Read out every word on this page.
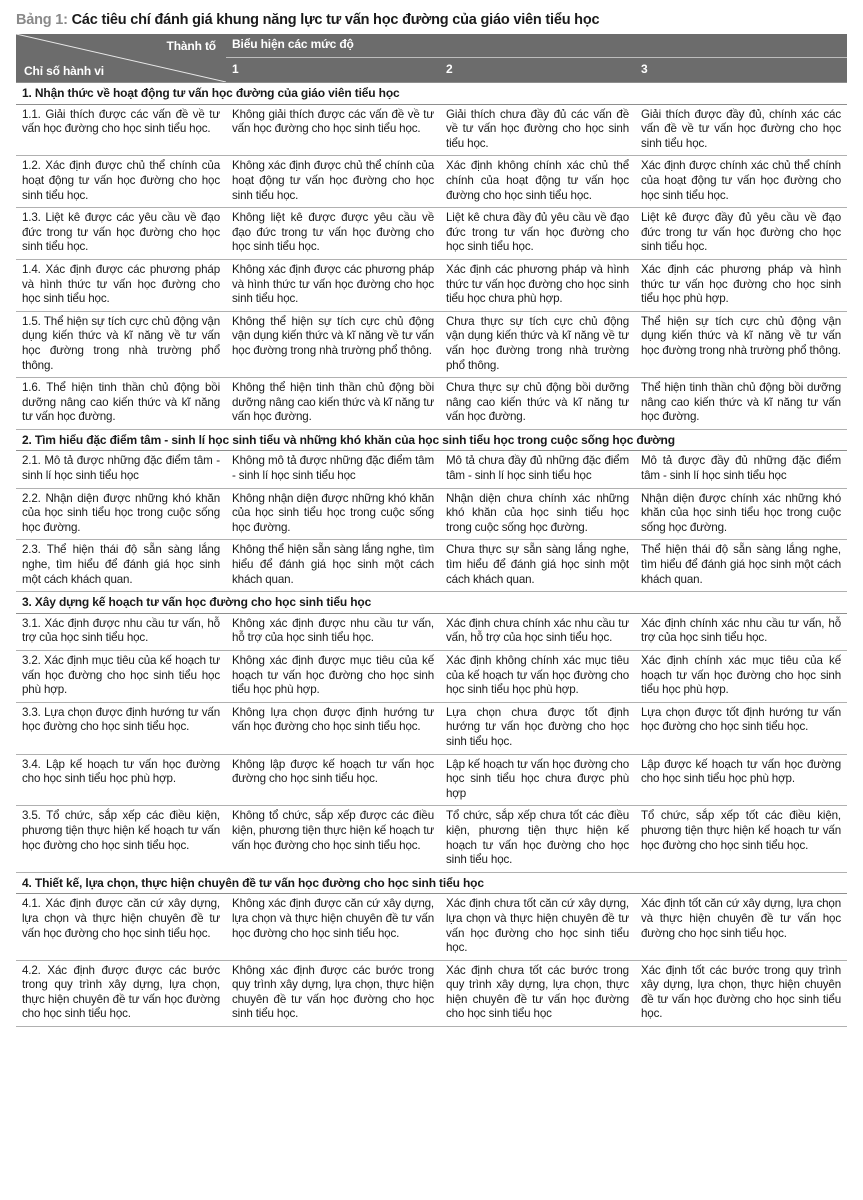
Bảng 1: Các tiêu chí đánh giá khung năng lực tư vấn học đường của giáo viên tiểu học
Thành tố
Chỉ số hành vi	Biểu hiện các mức độ		
	1	2	3
1. Nhận thức về hoạt động tư vấn học đường của giáo viên tiểu học			
1.1. Giải thích được các vấn đề về tư vấn học đường cho học sinh tiểu học.	Không giải thích được các vấn đề về tư vấn học đường cho học sinh tiểu học.	Giải thích chưa đầy đủ các vấn đề về tư vấn học đường cho học sinh tiểu học.	Giải thích được đầy đủ, chính xác các vấn đề về tư vấn học đường cho học sinh tiểu học.
1.2. Xác định được chủ thể chính của hoạt động tư vấn học đường cho học sinh tiểu học.	Không xác định được chủ thể chính của hoạt động tư vấn học đường cho học sinh tiểu học.	Xác định không chính xác chủ thể chính của hoạt động tư vấn học đường cho học sinh tiểu học.	Xác định được chính xác chủ thể chính của hoạt động tư vấn học đường cho học sinh tiểu học.
1.3. Liệt kê được các yêu cầu về đạo đức trong tư vấn học đường cho học sinh tiểu học.	Không liệt kê được được yêu cầu về đạo đức trong tư vấn học đường cho học sinh tiểu học.	Liệt kê chưa đầy đủ yêu cầu về đạo đức trong tư vấn học đường cho học sinh tiểu học.	Liệt kê được đầy đủ yêu cầu về đạo đức trong tư vấn học đường cho học sinh tiểu học.
1.4. Xác định được các phương pháp và hình thức tư vấn học đường cho học sinh tiểu học.	Không xác định được các phương pháp và hình thức tư vấn học đường cho học sinh tiểu học.	Xác định các phương pháp và hình thức tư vấn học đường cho học sinh tiểu học chưa phù hợp.	Xác định các phương pháp và hình thức tư vấn học đường cho học sinh tiểu học phù hợp.
1.5. Thể hiện sự tích cực chủ động vận dụng kiến thức và kĩ năng về tư vấn học đường trong nhà trường phổ thông.	Không thể hiện sự tích cực chủ động vận dụng kiến thức và kĩ năng về tư vấn học đường trong nhà trường phổ thông.	Chưa thực sự tích cực chủ động vận dụng kiến thức và kĩ năng về tư vấn học đường trong nhà trường phổ thông.	Thể hiện sự tích cực chủ động vận dụng kiến thức và kĩ năng về tư vấn học đường trong nhà trường phổ thông.
1.6. Thể hiện tinh thần chủ động bồi dưỡng nâng cao kiến thức và kĩ năng tư vấn học đường.	Không thể hiện tinh thần chủ động bồi dưỡng nâng cao kiến thức và kĩ năng tư vấn học đường.	Chưa thực sự chủ động bồi dưỡng nâng cao kiến thức và kĩ năng tư vấn học đường.	Thể hiện tinh thần chủ động bồi dưỡng nâng cao kiến thức và kĩ năng tư vấn học đường.
2. Tìm hiểu đặc điểm tâm - sinh lí học sinh tiểu và những khó khăn của học sinh tiểu học trong cuộc sống học đường			
2.1. Mô tả được những đặc điểm tâm - sinh lí học sinh tiểu học	Không mô tả được những đặc điểm tâm - sinh lí học sinh tiểu học	Mô tả chưa đầy đủ những đặc điểm tâm - sinh lí học sinh tiểu học	Mô tả được đầy đủ những đặc điểm tâm - sinh lí học sinh tiểu học
2.2. Nhận diện được những khó khăn của học sinh tiểu học trong cuộc sống học đường.	Không nhận diện được những khó khăn của học sinh tiểu học trong cuộc sống học đường.	Nhận diện chưa chính xác những khó khăn của học sinh tiểu học trong cuộc sống học đường.	Nhận diện được chính xác những khó khăn của học sinh tiểu học trong cuộc sống học đường.
2.3. Thể hiện thái độ sẵn sàng lắng nghe, tìm hiểu để đánh giá học sinh một cách khách quan.	Không thể hiện sẵn sàng lắng nghe, tìm hiểu để đánh giá học sinh một cách khách quan.	Chưa thực sự sẵn sàng lắng nghe, tìm hiểu để đánh giá học sinh một cách khách quan.	Thể hiện thái độ sẵn sàng lắng nghe, tìm hiểu để đánh giá học sinh một cách khách quan.
3. Xây dựng kế hoạch tư vấn học đường cho học sinh tiểu học			
3.1. Xác định được nhu cầu tư vấn, hỗ trợ của học sinh tiểu học.	Không xác định được nhu cầu tư vấn, hỗ trợ của học sinh tiểu học.	Xác định chưa chính xác nhu cầu tư vấn, hỗ trợ của học sinh tiểu học.	Xác định chính xác nhu cầu tư vấn, hỗ trợ của học sinh tiểu học.
3.2. Xác định mục tiêu của kế hoạch tư vấn học đường cho học sinh tiểu học phù hợp.	Không xác định được mục tiêu của kế hoạch tư vấn học đường cho học sinh tiểu học phù hợp.	Xác định không chính xác mục tiêu của kế hoạch tư vấn học đường cho học sinh tiểu học phù hợp.	Xác định chính xác mục tiêu của kế hoạch tư vấn học đường cho học sinh tiểu học phù hợp.
3.3. Lựa chọn được định hướng tư vấn học đường cho học sinh tiểu học.	Không lựa chọn được định hướng tư vấn học đường cho học sinh tiểu học.	Lựa chọn chưa được tốt định hướng tư vấn học đường cho học sinh tiểu học.	Lựa chọn được tốt định hướng tư vấn học đường cho học sinh tiểu học.
3.4. Lập kế hoạch tư vấn học đường cho học sinh tiểu học phù hợp.	Không lập được kế hoạch tư vấn học đường cho học sinh tiểu học.	Lập kế hoạch tư vấn học đường cho học sinh tiểu học chưa được phù hợp	Lập được kế hoạch tư vấn học đường cho học sinh tiểu học phù hợp.
3.5. Tổ chức, sắp xếp các điều kiện, phương tiện thực hiện kế hoạch tư vấn học đường cho học sinh tiểu học.	Không tổ chức, sắp xếp được các điều kiện, phương tiện thực hiện kế hoạch tư vấn học đường cho học sinh tiểu học.	Tổ chức, sắp xếp chưa tốt các điều kiện, phương tiện thực hiện kế hoạch tư vấn học đường cho học sinh tiểu học.	Tổ chức, sắp xếp tốt các điều kiện, phương tiện thực hiện kế hoạch tư vấn học đường cho học sinh tiểu học.
4. Thiết kế, lựa chọn, thực hiện chuyên đề tư vấn học đường cho học sinh tiểu học			
4.1. Xác định được căn cứ xây dựng, lựa chọn và thực hiện chuyên đề tư vấn học đường cho học sinh tiểu học.	Không xác định được căn cứ xây dựng, lựa chọn và thực hiện chuyên đề tư vấn học đường cho học sinh tiểu học.	Xác định chưa tốt căn cứ xây dựng, lựa chọn và thực hiện chuyên đề tư vấn học đường cho học sinh tiểu học.	Xác định tốt căn cứ xây dựng, lựa chọn và thực hiện chuyên đề tư vấn học đường cho học sinh tiểu học.
4.2. Xác định được được các bước trong quy trình xây dựng, lựa chọn, thực hiện chuyên đề tư vấn học đường cho học sinh tiểu học.	Không xác định được các bước trong quy trình xây dựng, lựa chọn, thực hiện chuyên đề tư vấn học đường cho học sinh tiểu học.	Xác định chưa tốt các bước trong quy trình xây dựng, lựa chọn, thực hiện chuyên đề tư vấn học đường cho học sinh tiểu học	Xác định tốt các bước trong quy trình xây dựng, lựa chọn, thực hiện chuyên đề tư vấn học đường cho học sinh tiểu học.
